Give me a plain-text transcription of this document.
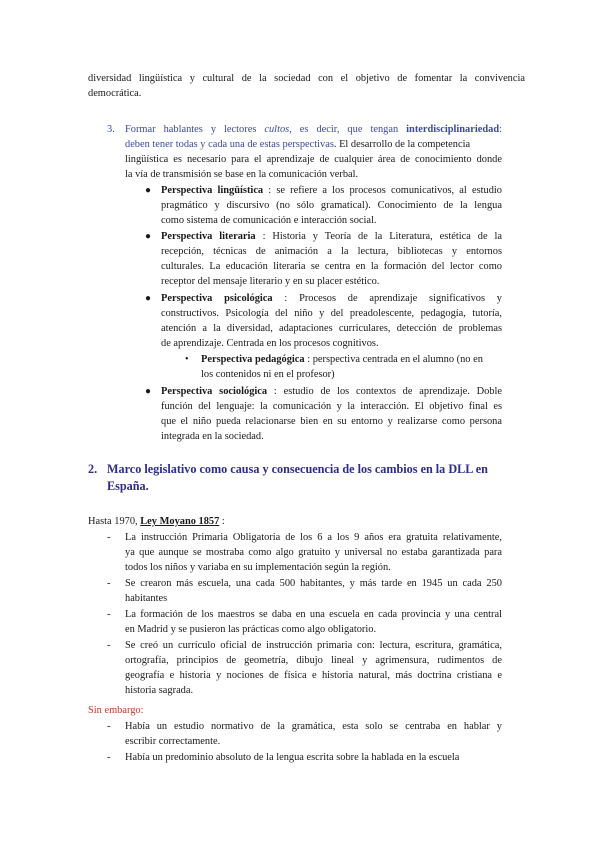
diversidad lingüística y cultural de la sociedad con el objetivo de fomentar la convivencia

democrática.

3. Formar hablantes y lectores cultos, es decir, que tengan interdisciplinariedad:

deben tener todas y cada una de estas perspectivas. El desarrollo de la competencia

lingüística es necesario para el aprendizaje de cualquier área de conocimiento donde

la vía de transmisión se base en la comunicación verbal.

● Perspectiva lingüística : se refiere a los procesos comunicativos, al estudio

pragmático y discursivo (no sólo gramatical). Conocimiento de la lengua

como sistema de comunicación e interacción social.

● Perspectiva literaria : Historia y Teoría de la Literatura, estética de la

recepción, técnicas de animación a la lectura, bibliotecas y entornos

culturales. La educación literaria se centra en la formación del lector como

receptor del mensaje literario y en su placer estético.

● Perspectiva psicológica : Procesos de aprendizaje significativos y

constructivos. Psicología del niño y del preadolescente, pedagogía, tutoría,

atención a la diversidad, adaptaciones curriculares, detección de problemas

de aprendizaje. Centrada en los procesos cognitivos.

• Perspectiva pedagógica : perspectiva centrada en el alumno (no en

los contenidos ni en el profesor)

● Perspectiva sociológica : estudio de los contextos de aprendizaje. Doble

función del lenguaje: la comunicación y la interacción. El objetivo final es

que el niño pueda relacionarse bien en su entorno y realizarse como persona

integrada en la sociedad.

2. Marco legislativo como causa y consecuencia de los cambios en la DLL en
España.

Hasta 1970, Ley Moyano 1857 :

- La instrucción Primaria Obligatoria de los 6 a los 9 años era gratuita relativamente,

ya que aunque se mostraba como algo gratuito y universal no estaba garantizada para

todos los niños y variaba en su implementación según la región.

- Se crearon más escuela, una cada 500 habitantes, y más tarde en 1945 un cada 250

habitantes

- La formación de los maestros se daba en una escuela en cada provincia y una central

en Madrid y se pusieron las prácticas como algo obligatorio.

- Se creó un currículo oficial de instrucción primaria con: lectura, escritura, gramática,

ortografía, principios de geometría, dibujo lineal y agrimensura, rudimentos de

geografía e historia y nociones de física e historia natural, más doctrina cristiana e

historia sagrada.

Sin embargo:

- Había un estudio normativo de la gramática, esta solo se centraba en hablar y

escribir correctamente.

- Había un predominio absoluto de la lengua escrita sobre la hablada en la escuela
